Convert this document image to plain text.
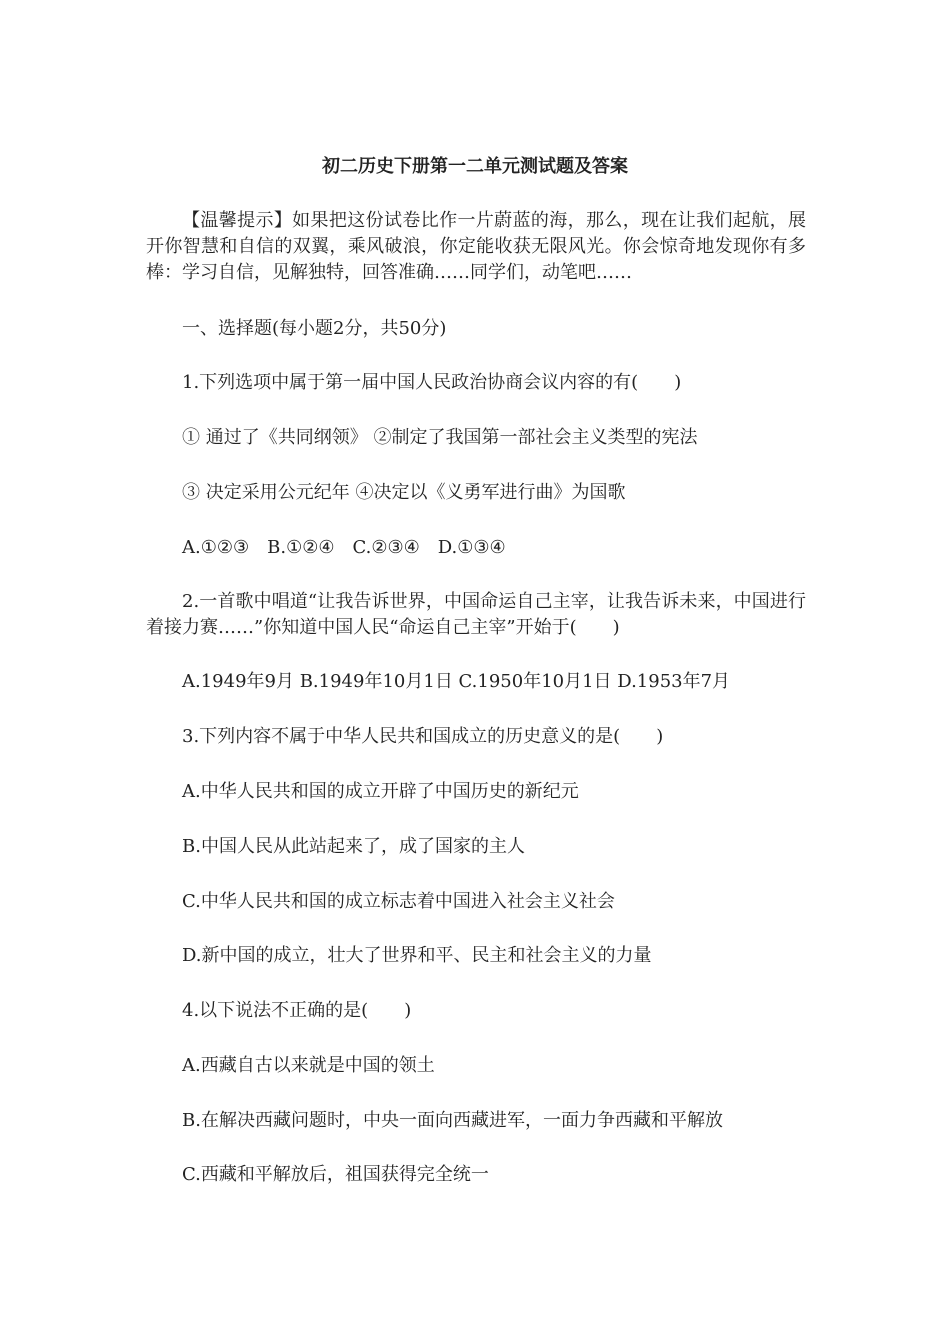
初二历史下册第一二单元测试题及答案

【温馨提示】如果把这份试卷比作一片蔚蓝的海，那么，现在让我们起航，展开你智慧和自信的双翼，乘风破浪，你定能收获无限风光。你会惊奇地发现你有多棒：学习自信，见解独特，回答准确……同学们，动笔吧……

一、选择题(每小题2分，共50分)

1.下列选项中属于第一届中国人民政治协商会议内容的有(　　)

① 通过了《共同纲领》 ②制定了我国第一部社会主义类型的宪法

③ 决定采用公元纪年 ④决定以《义勇军进行曲》为国歌

A.①②③　B.①②④　C.②③④　D.①③④

2.一首歌中唱道“让我告诉世界，中国命运自己主宰，让我告诉未来，中国进行着接力赛……”你知道中国人民“命运自己主宰”开始于(　　)

A.1949年9月 B.1949年10月1日 C.1950年10月1日 D.1953年7月

3.下列内容不属于中华人民共和国成立的历史意义的是(　　)

A.中华人民共和国的成立开辟了中国历史的新纪元

B.中国人民从此站起来了，成了国家的主人

C.中华人民共和国的成立标志着中国进入社会主义社会

D.新中国的成立，壮大了世界和平、民主和社会主义的力量

4.以下说法不正确的是(　　)

A.西藏自古以来就是中国的领土

B.在解决西藏问题时，中央一面向西藏进军，一面力争西藏和平解放

C.西藏和平解放后，祖国获得完全统一
